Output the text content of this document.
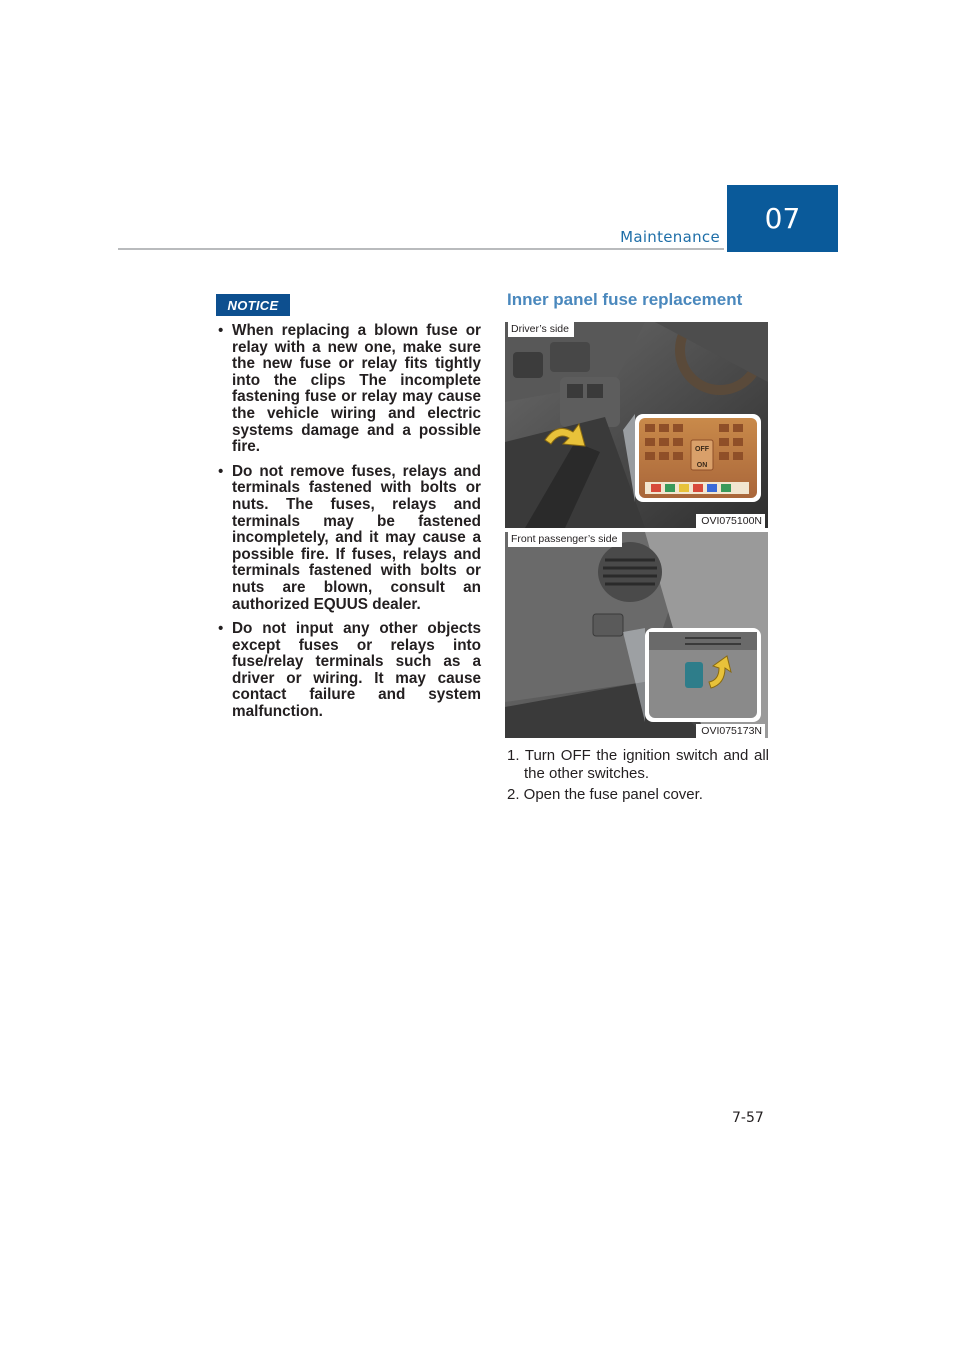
Maintenance
07
NOTICE
• When replacing a blown fuse or relay with a new one, make sure the new fuse or relay fits tightly into the clips The incomplete fastening fuse or relay may cause the vehicle wiring and electric systems damage and a possible fire.
• Do not remove fuses, relays and terminals fastened with bolts or nuts. The fuses, relays and terminals may be fastened incompletely, and it may cause a possible fire. If fuses, relays and terminals fastened with bolts or nuts are blown, consult an authorized EQUUS dealer.
• Do not input any other objects except fuses or relays into fuse/relay terminals such as a driver or wiring. It may cause contact failure and system malfunction.
Inner panel fuse replacement
OFF
ON
Driver’s side
OVI075100N
Front passenger’s side
OVI075173N
1. Turn OFF the ignition switch and all the other switches.
2. Open the fuse panel cover.
7-57
